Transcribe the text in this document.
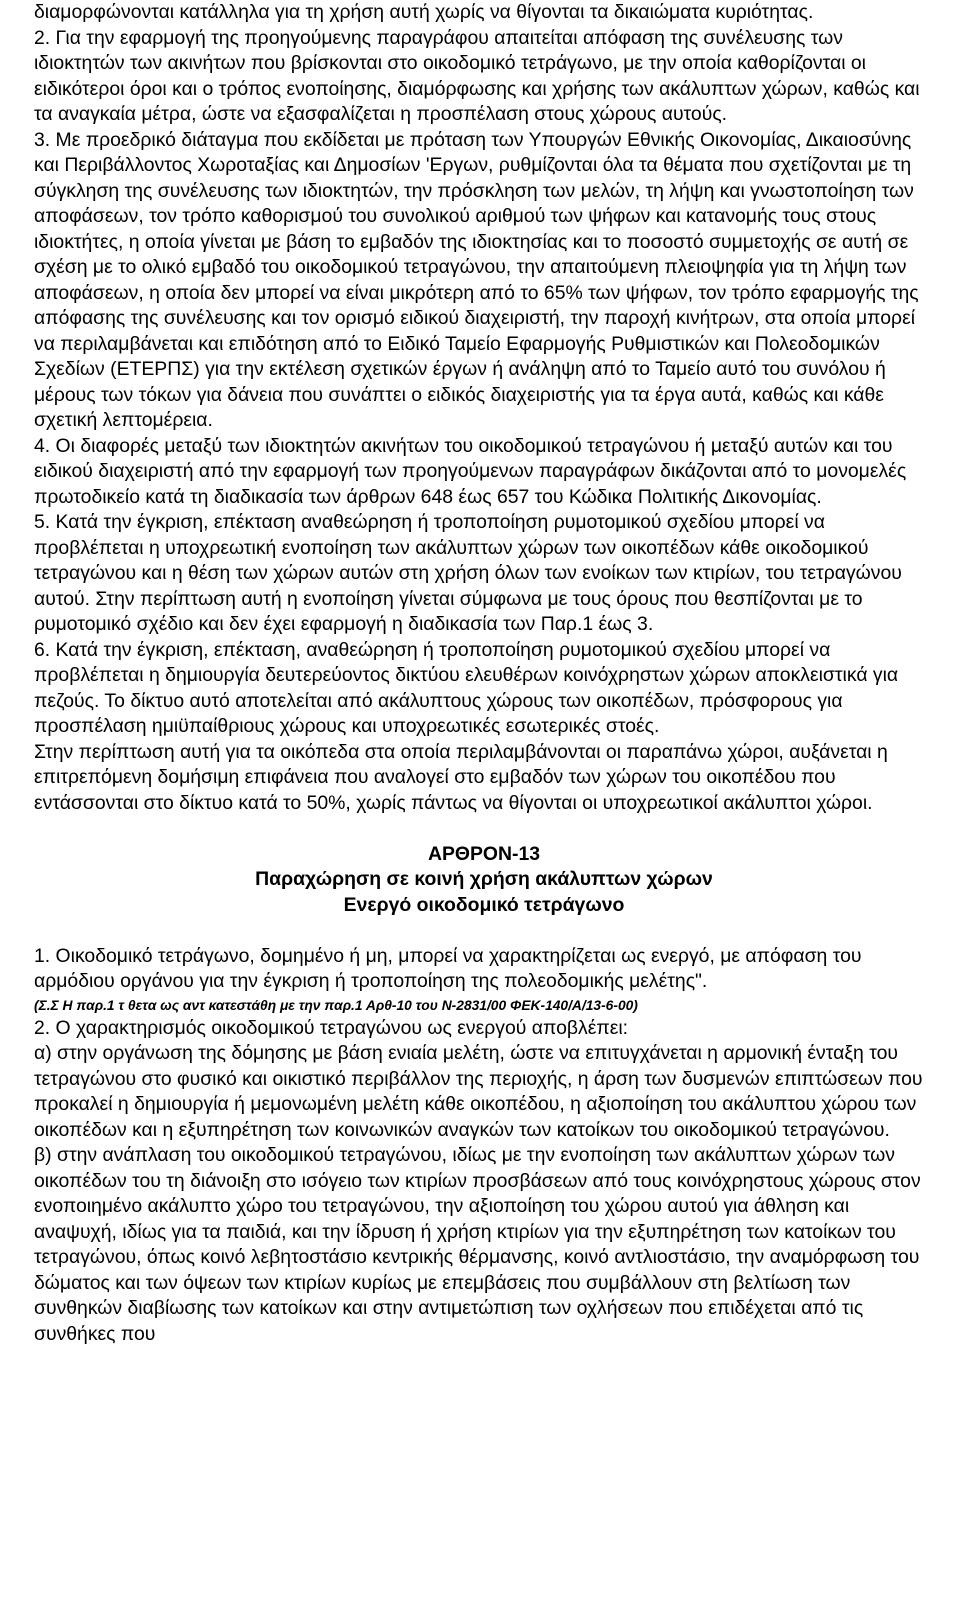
διαμορφώνονται κατάλληλα για τη χρήση αυτή χωρίς να θίγονται τα δικαιώματα κυριότητας.

2. Για την εφαρμογή της προηγούμενης παραγράφου απαιτείται απόφαση της συνέλευσης των ιδιοκτητών των ακινήτων που βρίσκονται στο οικοδομικό τετράγωνο, με την οποία καθορίζονται οι ειδικότεροι όροι και ο τρόπος ενοποίησης, διαμόρφωσης και χρήσης των ακάλυπτων χώρων, καθώς και τα αναγκαία μέτρα, ώστε να εξασφαλίζεται η προσπέλαση στους χώρους αυτούς.

3. Με προεδρικό διάταγμα που εκδίδεται με πρόταση των Υπουργών Εθνικής Οικονομίας, Δικαιοσύνης και Περιβάλλοντος Χωροταξίας και Δημοσίων 'Εργων, ρυθμίζονται όλα τα θέματα που σχετίζονται με τη σύγκληση της συνέλευσης των ιδιοκτητών, την πρόσκληση των μελών, τη λήψη και γνωστοποίηση των αποφάσεων, τον τρόπο καθορισμού του συνολικού αριθμού των ψήφων και κατανομής τους στους ιδιοκτήτες, η οποία γίνεται με βάση το εμβαδόν της ιδιοκτησίας και το ποσοστό συμμετοχής σε αυτή σε σχέση με το ολικό εμβαδό του οικοδομικού τετραγώνου, την απαιτούμενη πλειοψηφία για τη λήψη των αποφάσεων, η οποία δεν μπορεί να είναι μικρότερη από το 65% των ψήφων, τον τρόπο εφαρμογής της απόφασης της συνέλευσης και τον ορισμό ειδικού διαχειριστή, την παροχή κινήτρων, στα οποία μπορεί να περιλαμβάνεται και επιδότηση από το Ειδικό Ταμείο Εφαρμογής Ρυθμιστικών και Πολεοδομικών Σχεδίων (ΕΤΕΡΠΣ) για την εκτέλεση σχετικών έργων ή ανάληψη από το Ταμείο αυτό του συνόλου ή μέρους των τόκων για δάνεια που συνάπτει ο ειδικός διαχειριστής για τα έργα αυτά, καθώς και κάθε σχετική λεπτομέρεια.

4. Οι διαφορές μεταξύ των ιδιοκτητών ακινήτων του οικοδομικού τετραγώνου ή μεταξύ αυτών και του ειδικού διαχειριστή από την εφαρμογή των προηγούμενων παραγράφων δικάζονται από το μονομελές πρωτοδικείο κατά τη διαδικασία των άρθρων 648 έως 657 του Κώδικα Πολιτικής Δικονομίας.

5. Κατά την έγκριση, επέκταση αναθεώρηση ή τροποποίηση ρυμοτομικού σχεδίου μπορεί να προβλέπεται η υποχρεωτική ενοποίηση των ακάλυπτων χώρων των οικοπέδων κάθε οικοδομικού τετραγώνου και η θέση των χώρων αυτών στη χρήση όλων των ενοίκων των κτιρίων, του τετραγώνου αυτού. Στην περίπτωση αυτή η ενοποίηση γίνεται σύμφωνα με τους όρους που θεσπίζονται με το ρυμοτομικό σχέδιο και δεν έχει εφαρμογή η διαδικασία των Παρ.1 έως 3.

6. Κατά την έγκριση, επέκταση, αναθεώρηση ή τροποποίηση ρυμοτομικού σχεδίου μπορεί να προβλέπεται η δημιουργία δευτερεύοντος δικτύου ελευθέρων κοινόχρηστων χώρων αποκλειστικά για πεζούς. Το δίκτυο αυτό αποτελείται από ακάλυπτους χώρους των οικοπέδων, πρόσφορους για προσπέλαση ημιϋπαίθριους χώρους και υποχρεωτικές εσωτερικές στοές.

Στην περίπτωση αυτή για τα οικόπεδα στα οποία περιλαμβάνονται οι παραπάνω χώροι, αυξάνεται η επιτρεπόμενη δομήσιμη επιφάνεια που αναλογεί στο εμβαδόν των χώρων του οικοπέδου που εντάσσονται στο δίκτυο κατά το 50%, χωρίς πάντως να θίγονται οι υποχρεωτικοί ακάλυπτοι χώροι.

ΑΡΘΡΟΝ-13

Παραχώρηση σε κοινή χρήση ακάλυπτων χώρων

Ενεργό οικοδομικό τετράγωνο

1. Οικοδομικό τετράγωνο, δομημένο ή μη, μπορεί να χαρακτηρίζεται ως ενεργό, με απόφαση του αρμόδιου οργάνου για την έγκριση ή τροποποίηση της πολεοδομικής μελέτης".

(Σ.Σ Η παρ.1 τ θετα ως αντ κατεστάθη με την παρ.1 Αρθ-10 του Ν-2831/00 ΦΕΚ-140/Α/13-6-00)

2. Ο χαρακτηρισμός οικοδομικού τετραγώνου ως ενεργού αποβλέπει:

α) στην οργάνωση της δόμησης με βάση ενιαία μελέτη, ώστε να επιτυγχάνεται η αρμονική ένταξη του τετραγώνου στο φυσικό και οικιστικό περιβάλλον της περιοχής, η άρση των δυσμενών επιπτώσεων που προκαλεί η δημιουργία ή μεμονωμένη μελέτη κάθε οικοπέδου, η αξιοποίηση του ακάλυπτου χώρου των οικοπέδων και η εξυπηρέτηση των κοινωνικών αναγκών των κατοίκων του οικοδομικού τετραγώνου.

β) στην ανάπλαση του οικοδομικού τετραγώνου, ιδίως με την ενοποίηση των ακάλυπτων χώρων των οικοπέδων του τη διάνοιξη στο ισόγειο των κτιρίων προσβάσεων από τους κοινόχρηστους χώρους στον ενοποιημένο ακάλυπτο χώρο του τετραγώνου, την αξιοποίηση του χώρου αυτού για άθληση και αναψυχή, ιδίως για τα παιδιά, και την ίδρυση ή χρήση κτιρίων για την εξυπηρέτηση των κατοίκων του τετραγώνου, όπως κοινό λεβητοστάσιο κεντρικής θέρμανσης, κοινό αντλιοστάσιο, την αναμόρφωση του δώματος και των όψεων των κτιρίων κυρίως με επεμβάσεις που συμβάλλουν στη βελτίωση των συνθηκών διαβίωσης των κατοίκων και στην αντιμετώπιση των οχλήσεων που επιδέχεται από τις συνθήκες που
